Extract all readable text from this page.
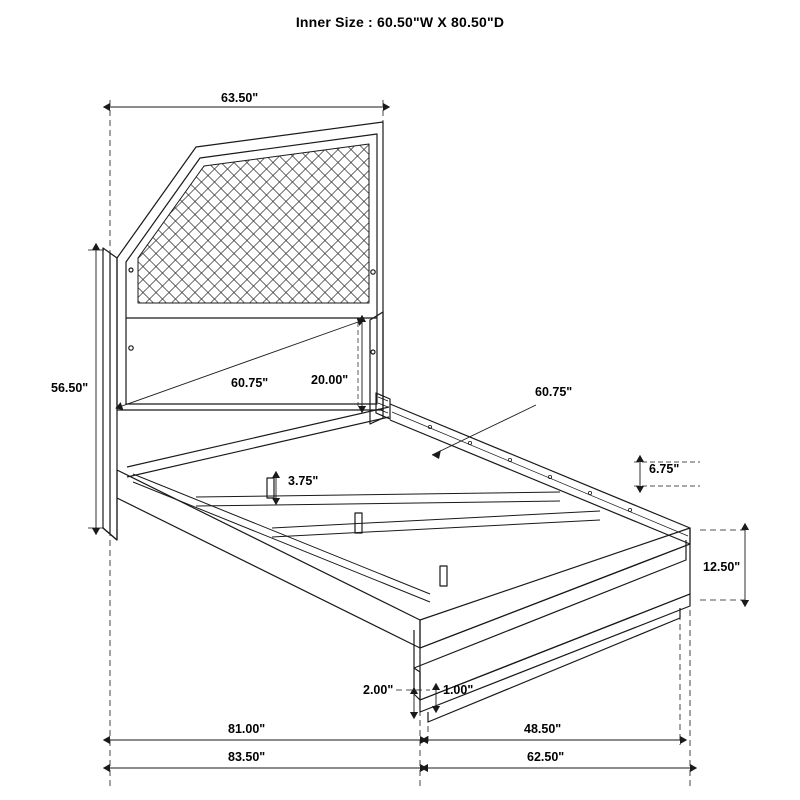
Inner Size : 60.50"W X 80.50"D
63.50"
56.50"	60.75"	20.00"
60.75"
6.75"
3.75"
12.50"
2.00"	1.00"
81.00"
83.50"
48.50"
62.50"
